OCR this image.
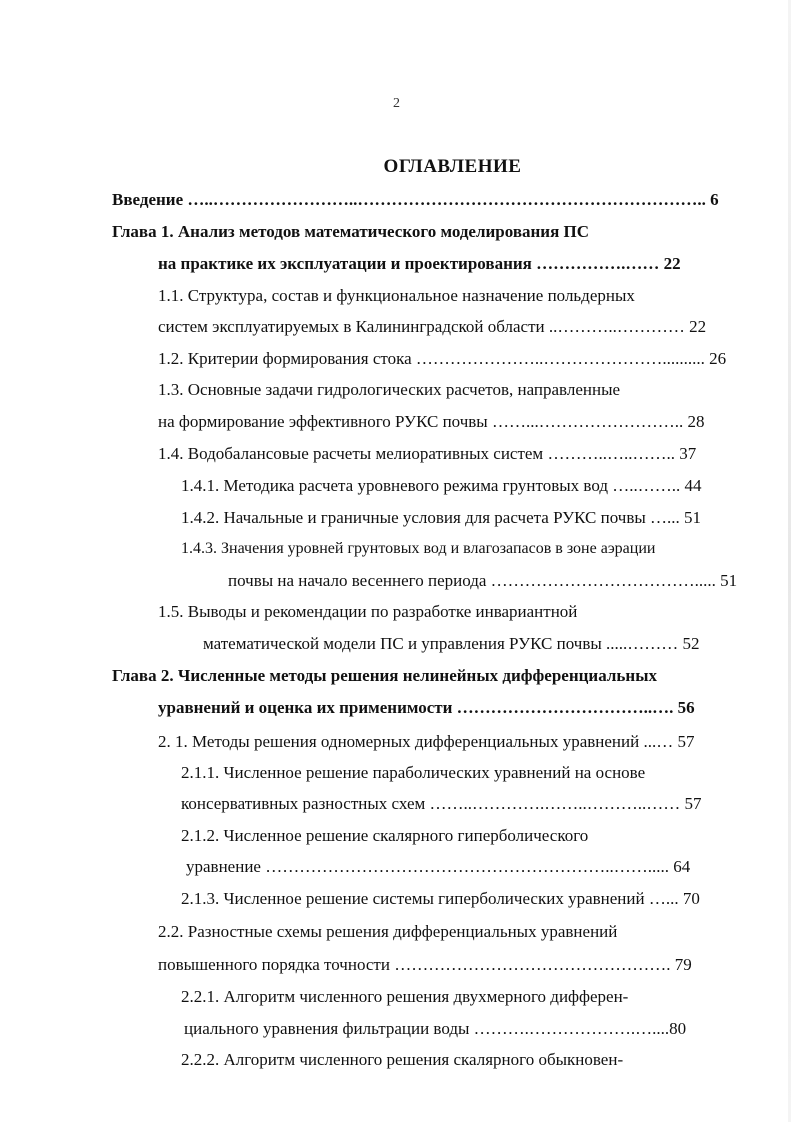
2
ОГЛАВЛЕНИЕ
Введение …..……………………..…………………………………………………….. 6
Глава 1. Анализ методов математического моделирования ПС
на практике их эксплуатации и проектирования …………….…… 22
1.1. Структура, состав и функциональное назначение польдерных
систем эксплуатируемых в Калининградской области ..………..………… 22
1.2. Критерии формирования стока …………………..………………….......... 26
1.3. Основные задачи гидрологических расчетов, направленные
на формирование эффективного РУКС почвы ……...…………………….. 28
1.4. Водобалансовые расчеты мелиоративных систем ………..…..…….. 37
1.4.1. Методика расчета уровневого режима грунтовых вод …..…….. 44
1.4.2. Начальные и граничные условия для расчета РУКС почвы …... 51
1.4.3. Значения уровней грунтовых вод и влагозапасов в зоне аэрации
почвы на начало весеннего периода ………………………………..... 51
1.5. Выводы и рекомендации по разработке инвариантной
математической модели ПС и управления РУКС почвы .....……… 52
Глава 2. Численные методы решения нелинейных дифференциальных
уравнений и оценка их применимости ……………………………..…. 56
2. 1. Методы решения одномерных дифференциальных уравнений ...… 57
2.1.1. Численное решение параболических уравнений на основе
консервативных разностных схем ……..………….……..………..…… 57
2.1.2. Численное решение скалярного гиперболического
уравнение ……………………………………………………..……..... 64
2.1.3. Численное решение системы гиперболических уравнений …... 70
2.2. Разностные схемы решения дифференциальных уравнений
повышенного порядка точности …………………………………………. 79
2.2.1. Алгоритм численного решения двухмерного дифферен-
циального уравнения фильтрации воды ……….……………….…....80
2.2.2. Алгоритм численного решения скалярного обыкновен-
